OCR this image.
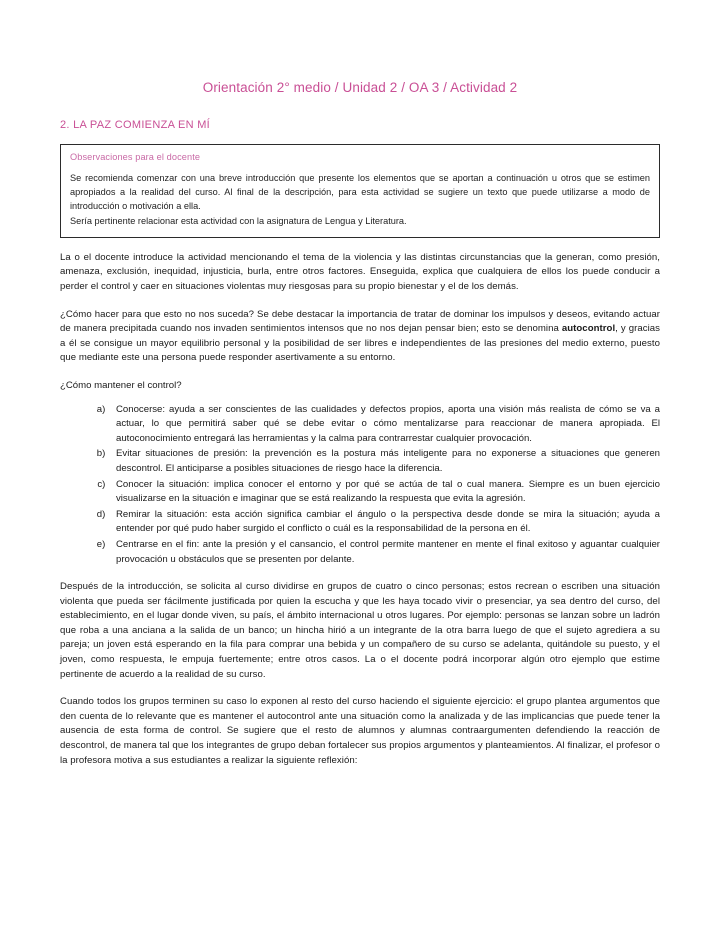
Orientación 2° medio / Unidad 2 / OA 3 / Actividad 2
2. LA PAZ COMIENZA EN MÍ
Observaciones para el docente

Se recomienda comenzar con una breve introducción que presente los elementos que se aportan a continuación u otros que se estimen apropiados a la realidad del curso. Al final de la descripción, para esta actividad se sugiere un texto que puede utilizarse a modo de introducción o motivación a ella.

Sería pertinente relacionar esta actividad con la asignatura de Lengua y Literatura.

La o el docente introduce la actividad mencionando el tema de la violencia y las distintas circunstancias que la generan, como presión, amenaza, exclusión, inequidad, injusticia, burla, entre otros factores. Enseguida, explica que cualquiera de ellos los puede conducir a perder el control y caer en situaciones violentas muy riesgosas para su propio bienestar y el de los demás.

¿Cómo hacer para que esto no nos suceda? Se debe destacar la importancia de tratar de dominar los impulsos y deseos, evitando actuar de manera precipitada cuando nos invaden sentimientos intensos que no nos dejan pensar bien; esto se denomina autocontrol, y gracias a él se consigue un mayor equilibrio personal y la posibilidad de ser libres e independientes de las presiones del medio externo, puesto que mediante este una persona puede responder asertivamente a su entorno.

¿Cómo mantener el control?

a. Conocerse: ayuda a ser conscientes de las cualidades y defectos propios, aporta una visión más realista de cómo se va a actuar, lo que permitirá saber qué se debe evitar o cómo mentalizarse para reaccionar de manera apropiada. El autoconocimiento entregará las herramientas y la calma para contrarrestar cualquier provocación.
b. Evitar situaciones de presión: la prevención es la postura más inteligente para no exponerse a situaciones que generen descontrol. El anticiparse a posibles situaciones de riesgo hace la diferencia.
c. Conocer la situación: implica conocer el entorno y por qué se actúa de tal o cual manera. Siempre es un buen ejercicio visualizarse en la situación e imaginar que se está realizando la respuesta que evita la agresión.
d. Remirar la situación: esta acción significa cambiar el ángulo o la perspectiva desde donde se mira la situación; ayuda a entender por qué pudo haber surgido el conflicto o cuál es la responsabilidad de la persona en él.
e. Centrarse en el fin: ante la presión y el cansancio, el control permite mantener en mente el final exitoso y aguantar cualquier provocación u obstáculos que se presenten por delante.

Después de la introducción, se solicita al curso dividirse en grupos de cuatro o cinco personas; estos recrean o escriben una situación violenta que pueda ser fácilmente justificada por quien la escucha y que les haya tocado vivir o presenciar, ya sea dentro del curso, del establecimiento, en el lugar donde viven, su país, el ámbito internacional u otros lugares. Por ejemplo: personas se lanzan sobre un ladrón que roba a una anciana a la salida de un banco; un hincha hirió a un integrante de la otra barra luego de que el sujeto agrediera a su pareja; un joven está esperando en la fila para comprar una bebida y un compañero de su curso se adelanta, quitándole su puesto, y el joven, como respuesta, le empuja fuertemente; entre otros casos. La o el docente podrá incorporar algún otro ejemplo que estime pertinente de acuerdo a la realidad de su curso.

Cuando todos los grupos terminen su caso lo exponen al resto del curso haciendo el siguiente ejercicio: el grupo plantea argumentos que den cuenta de lo relevante que es mantener el autocontrol ante una situación como la analizada y de las implicancias que puede tener la ausencia de esta forma de control. Se sugiere que el resto de alumnos y alumnas contraargumenten defendiendo la reacción de descontrol, de manera tal que los integrantes de grupo deban fortalecer sus propios argumentos y planteamientos. Al finalizar, el profesor o la profesora motiva a sus estudiantes a realizar la siguiente reflexión:
